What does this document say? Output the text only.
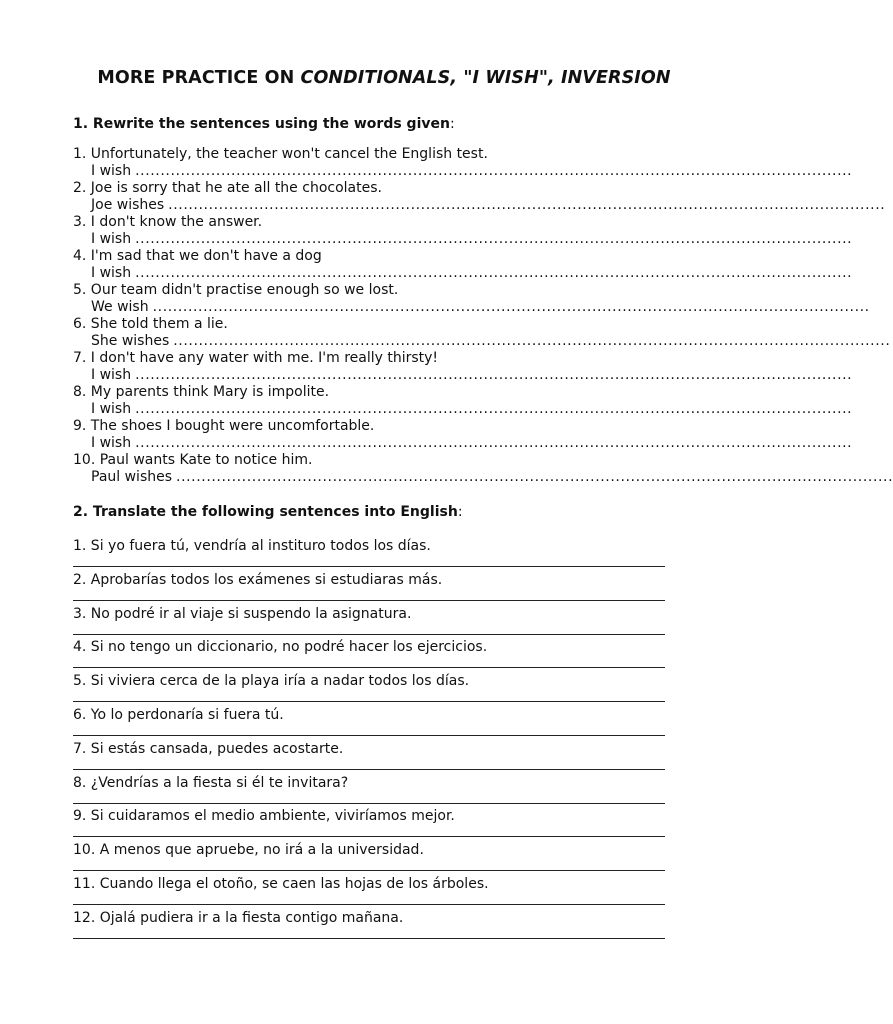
MORE PRACTICE ON CONDITIONALS, "I WISH", INVERSION
1. Rewrite the sentences using the words given:
1. Unfortunately, the teacher won't cancel the English test.
I wish ..............................................................................................................................................
2. Joe is sorry that he ate all the chocolates.
Joe wishes ..............................................................................................................................................
3. I don't know the answer.
I wish ..............................................................................................................................................
4. I'm sad that we don't have a dog
I wish ..............................................................................................................................................
5. Our team didn't practise enough so we lost.
We wish ..............................................................................................................................................
6. She told them a lie.
She wishes ..............................................................................................................................................
7. I don't have any water with me. I'm really thirsty!
I wish ..............................................................................................................................................
8. My parents think Mary is impolite.
I wish ..............................................................................................................................................
9. The shoes I bought were uncomfortable.
I wish ..............................................................................................................................................
10. Paul wants Kate to notice him.
Paul wishes ..............................................................................................................................................
2. Translate the following sentences into English:
1. Si yo fuera tú, vendría al instituro todos los días.
2. Aprobarías todos los exámenes si estudiaras más.
3. No podré ir al viaje si suspendo la asignatura.
4. Si no tengo un diccionario, no podré hacer los ejercicios.
5. Si viviera cerca de la playa iría a nadar todos los días.
6. Yo lo perdonaría si fuera tú.
7. Si estás cansada, puedes acostarte.
8. ¿Vendrías a la fiesta si él te invitara?
9. Si cuidaramos el medio ambiente, viviríamos mejor.
10. A menos que apruebe, no irá a la universidad.
11. Cuando llega el otoño, se caen las hojas de los árboles.
12. Ojalá pudiera ir a la fiesta contigo mañana.
